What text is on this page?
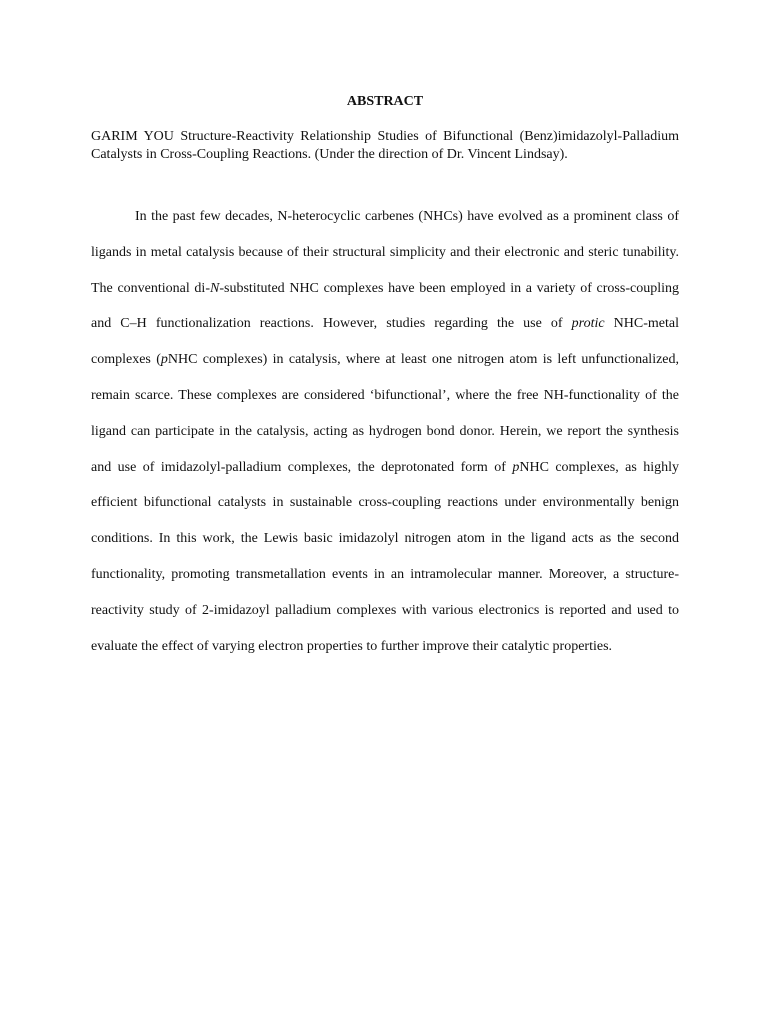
ABSTRACT
GARIM YOU Structure-Reactivity Relationship Studies of Bifunctional (Benz)imidazolyl-Palladium Catalysts in Cross-Coupling Reactions. (Under the direction of Dr. Vincent Lindsay).
In the past few decades, N-heterocyclic carbenes (NHCs) have evolved as a prominent class of ligands in metal catalysis because of their structural simplicity and their electronic and steric tunability. The conventional di-N-substituted NHC complexes have been employed in a variety of cross-coupling and C–H functionalization reactions. However, studies regarding the use of protic NHC-metal complexes (pNHC complexes) in catalysis, where at least one nitrogen atom is left unfunctionalized, remain scarce. These complexes are considered ‘bifunctional’, where the free NH-functionality of the ligand can participate in the catalysis, acting as hydrogen bond donor. Herein, we report the synthesis and use of imidazolyl-palladium complexes, the deprotonated form of pNHC complexes, as highly efficient bifunctional catalysts in sustainable cross-coupling reactions under environmentally benign conditions. In this work, the Lewis basic imidazolyl nitrogen atom in the ligand acts as the second functionality, promoting transmetallation events in an intramolecular manner. Moreover, a structure-reactivity study of 2-imidazoyl palladium complexes with various electronics is reported and used to evaluate the effect of varying electron properties to further improve their catalytic properties.
